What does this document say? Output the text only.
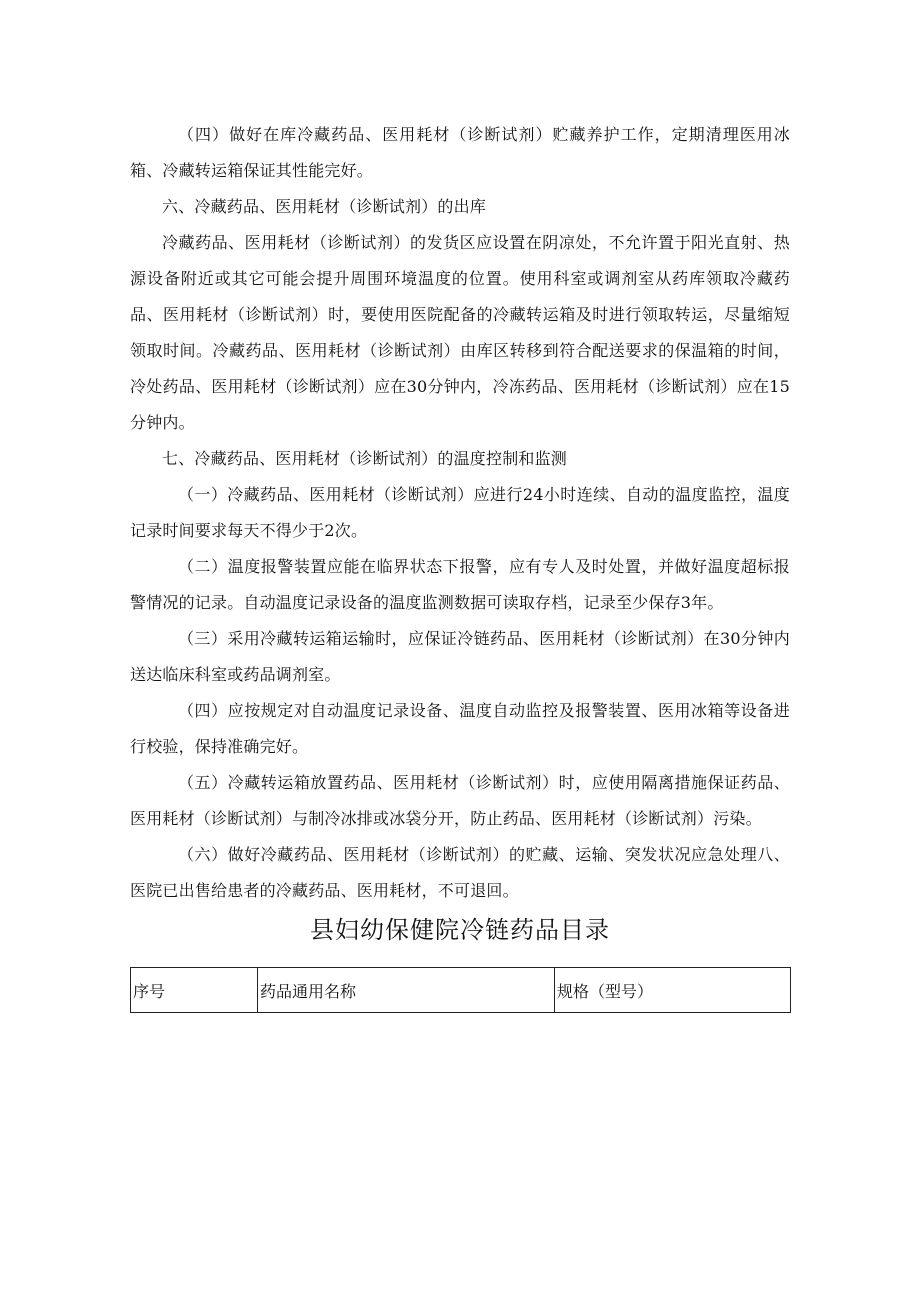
（四）做好在库冷藏药品、医用耗材（诊断试剂）贮藏养护工作，定期清理医用冰箱、冷藏转运箱保证其性能完好。

六、冷藏药品、医用耗材（诊断试剂）的出库

冷藏药品、医用耗材（诊断试剂）的发货区应设置在阴凉处，不允许置于阳光直射、热源设备附近或其它可能会提升周围环境温度的位置。使用科室或调剂室从药库领取冷藏药品、医用耗材（诊断试剂）时，要使用医院配备的冷藏转运箱及时进行领取转运，尽量缩短领取时间。冷藏药品、医用耗材（诊断试剂）由库区转移到符合配送要求的保温箱的时间，冷处药品、医用耗材（诊断试剂）应在30分钟内，冷冻药品、医用耗材（诊断试剂）应在15分钟内。

七、冷藏药品、医用耗材（诊断试剂）的温度控制和监测

（一）冷藏药品、医用耗材（诊断试剂）应进行24小时连续、自动的温度监控，温度记录时间要求每天不得少于2次。

（二）温度报警装置应能在临界状态下报警，应有专人及时处置，并做好温度超标报警情况的记录。自动温度记录设备的温度监测数据可读取存档，记录至少保存3年。

（三）采用冷藏转运箱运输时，应保证冷链药品、医用耗材（诊断试剂）在30分钟内送达临床科室或药品调剂室。

（四）应按规定对自动温度记录设备、温度自动监控及报警装置、医用冰箱等设备进行校验，保持准确完好。

（五）冷藏转运箱放置药品、医用耗材（诊断试剂）时，应使用隔离措施保证药品、医用耗材（诊断试剂）与制冷冰排或冰袋分开，防止药品、医用耗材（诊断试剂）污染。

（六）做好冷藏药品、医用耗材（诊断试剂）的贮藏、运输、突发状况应急处理八、医院已出售给患者的冷藏药品、医用耗材，不可退回。

县妇幼保健院冷链药品目录
序号	药品通用名称	规格（型号）
